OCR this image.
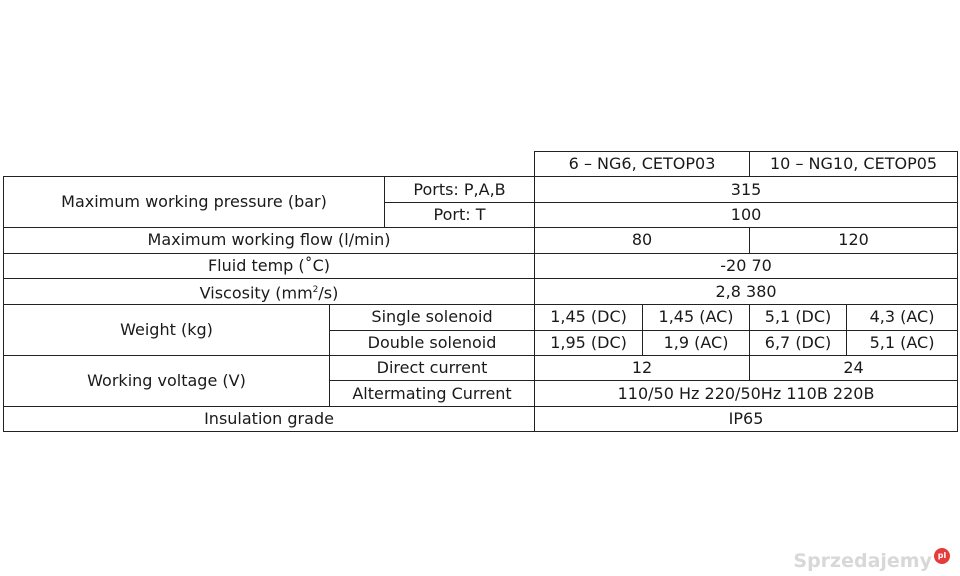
			6 – NG6, CETOP03		10 – NG10, CETOP05	
Maximum working pressure (bar)		Ports: P,A,B	315			
		Port: T	100			
Maximum working flow (l/min)			80		120	
Fluid temp (˚C)			-20 70			
Viscosity $(mm^2/s)$			2,8 380			
Weight (kg)	Single solenoid		1,45 (DC)	1,45 (AC)	5,1 (DC)	4,3 (AC)
	Double solenoid		1,95 (DC)	1,9 (AC)	6,7 (DC)	5,1 (AC)
Working voltage (V)	Direct current		12		24	
	Altermating Current		110/50 Hz 220/50Hz 110B 220B			
Insulation grade			IP65			
Sprzedajemy pl
